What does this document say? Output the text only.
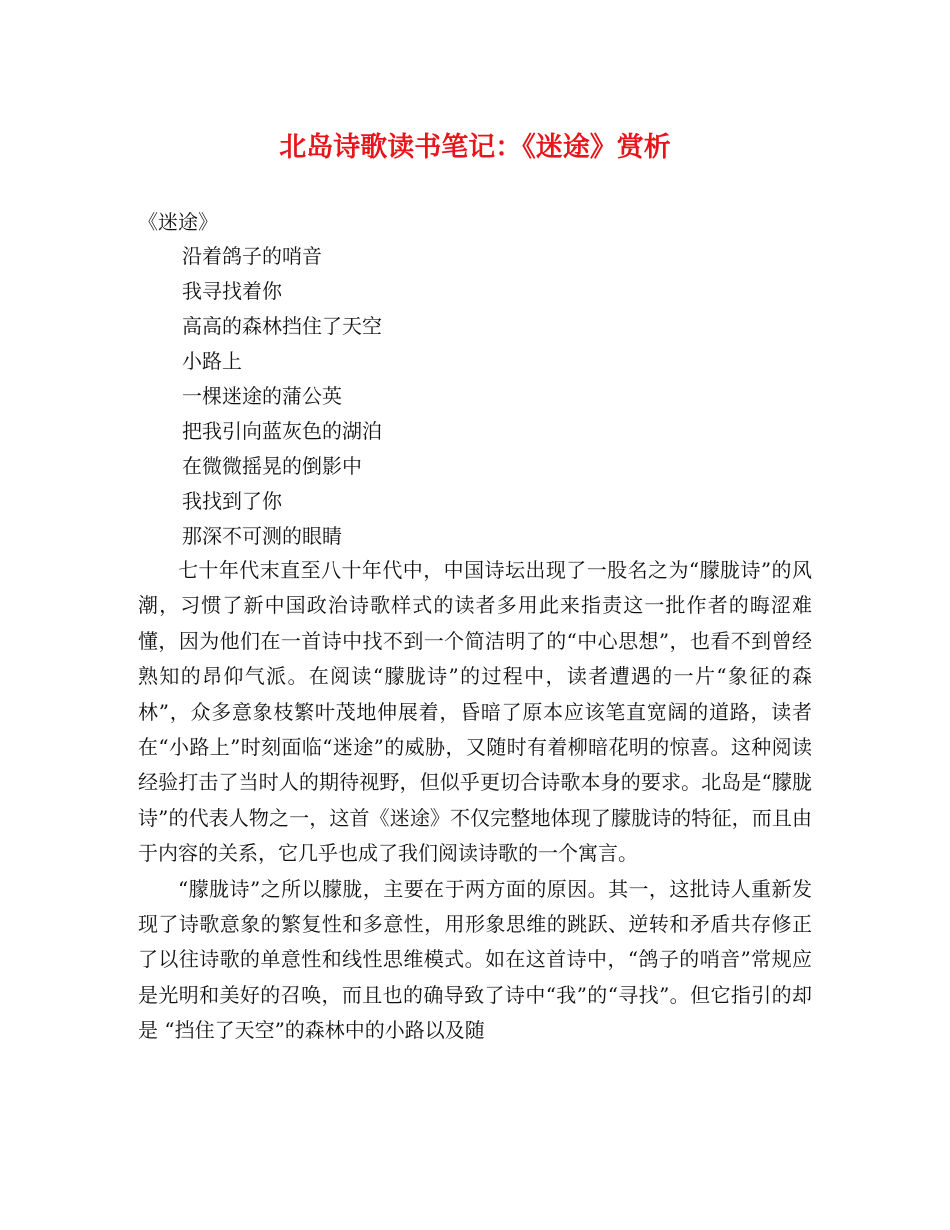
北岛诗歌读书笔记：《迷途》赏析
《迷途》
沿着鸽子的哨音
我寻找着你
高高的森林挡住了天空
小路上
一棵迷途的蒲公英
把我引向蓝灰色的湖泊
在微微摇晃的倒影中
我找到了你
那深不可测的眼睛

七十年代末直至八十年代中，中国诗坛出现了一股名之为“朦胧诗”的风潮，习惯了新中国政治诗歌样式的读者多用此来指责这一批作者的晦涩难懂，因为他们在一首诗中找不到一个简洁明了的“中心思想”，也看不到曾经熟知的昂仰气派。在阅读“朦胧诗”的过程中，读者遭遇的一片“象征的森林”，众多意象枝繁叶茂地伸展着，昏暗了原本应该笔直宽阔的道路，读者在“小路上”时刻面临“迷途”的威胁，又随时有着柳暗花明的惊喜。这种阅读经验打击了当时人的期待视野，但似乎更切合诗歌本身的要求。北岛是“朦胧诗”的代表人物之一，这首《迷途》不仅完整地体现了朦胧诗的特征，而且由于内容的关系，它几乎也成了我们阅读诗歌的一个寓言。

“朦胧诗”之所以朦胧，主要在于两方面的原因。其一，这批诗人重新发现了诗歌意象的繁复性和多意性，用形象思维的跳跃、逆转和矛盾共存修正了以往诗歌的单意性和线性思维模式。如在这首诗中，“鸽子的哨音”常规应是光明和美好的召唤，而且也的确导致了诗中“我”的“寻找”。但它指引的却是 “挡住了天空”的森林中的小路以及随
